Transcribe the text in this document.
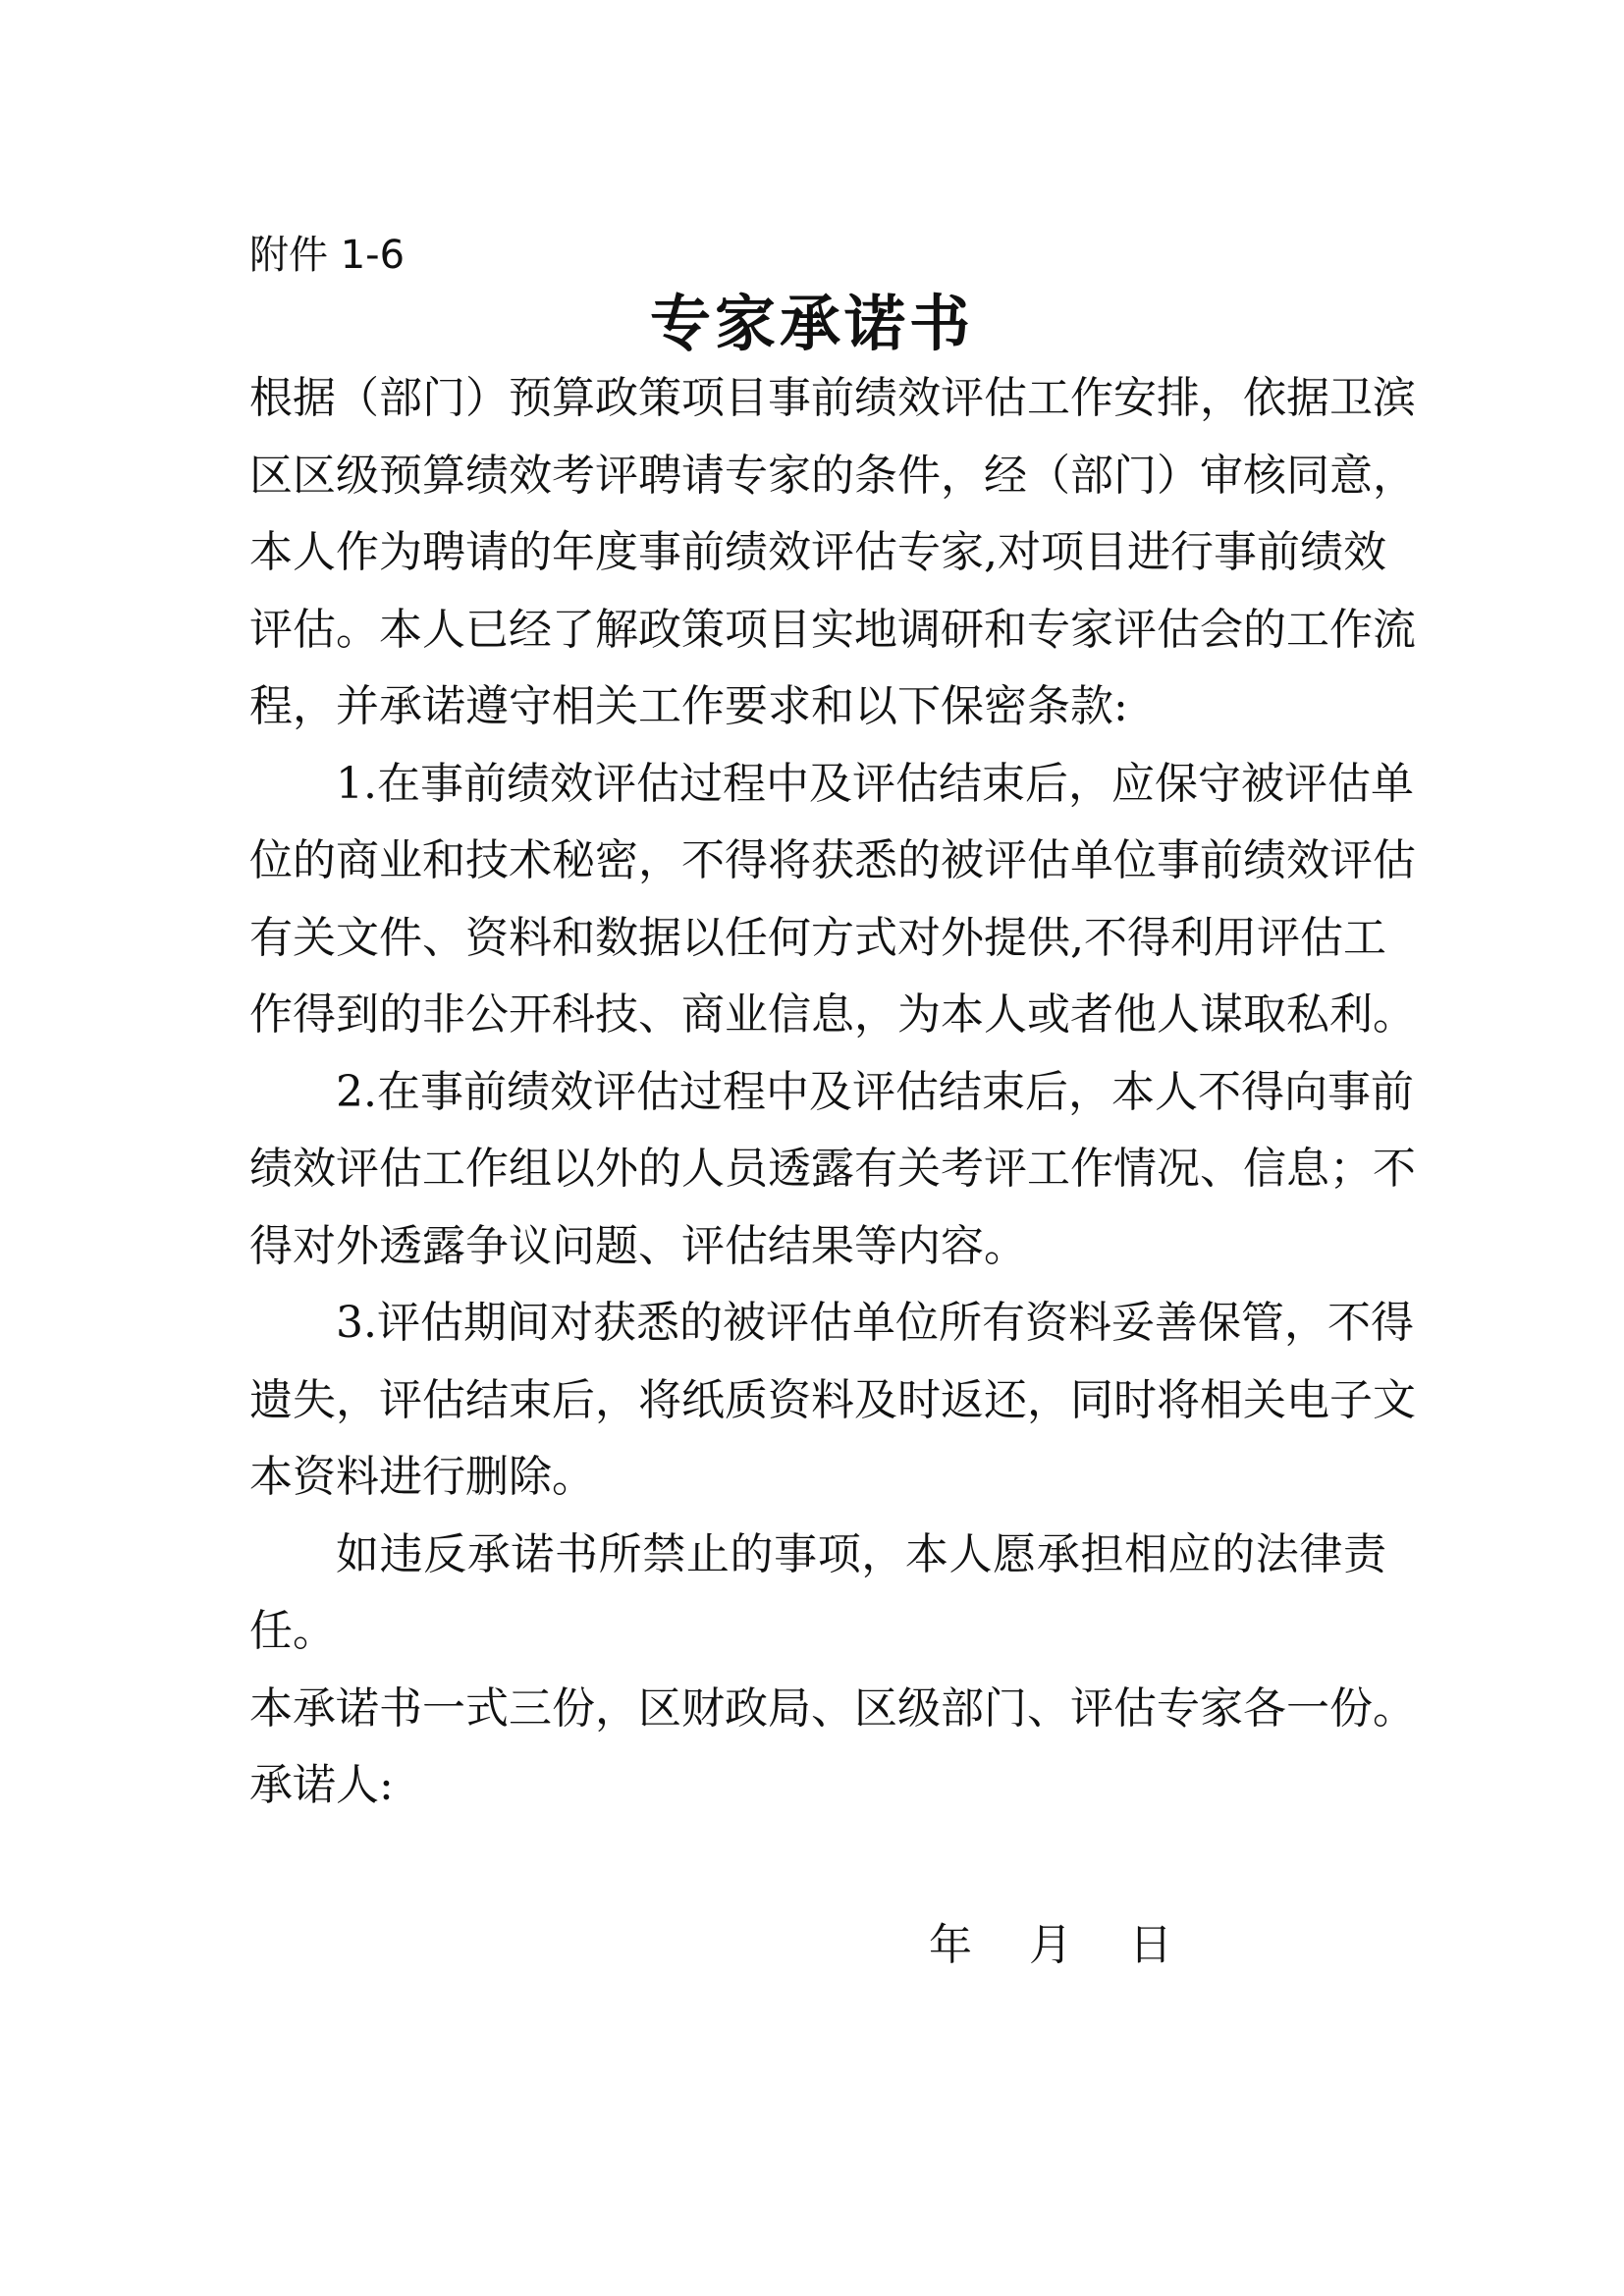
附件 1-6
专家承诺书
根据（部门）预算政策项目事前绩效评估工作安排，依据卫滨
区区级预算绩效考评聘请专家的条件，经（部门）审核同意，
本人作为聘请的年度事前绩效评估专家,对项目进行事前绩效
评估。本人已经了解政策项目实地调研和专家评估会的工作流
程，并承诺遵守相关工作要求和以下保密条款:
1.在事前绩效评估过程中及评估结束后，应保守被评估单
位的商业和技术秘密，不得将获悉的被评估单位事前绩效评估
有关文件、资料和数据以任何方式对外提供,不得利用评估工
作得到的非公开科技、商业信息，为本人或者他人谋取私利。
2.在事前绩效评估过程中及评估结束后，本人不得向事前
绩效评估工作组以外的人员透露有关考评工作情况、信息；不
得对外透露争议问题、评估结果等内容。
3.评估期间对获悉的被评估单位所有资料妥善保管，不得
遗失，评估结束后，将纸质资料及时返还，同时将相关电子文
本资料进行删除。
如违反承诺书所禁止的事项，本人愿承担相应的法律责
任。
本承诺书一式三份，区财政局、区级部门、评估专家各一份。
承诺人:
年 月 日
